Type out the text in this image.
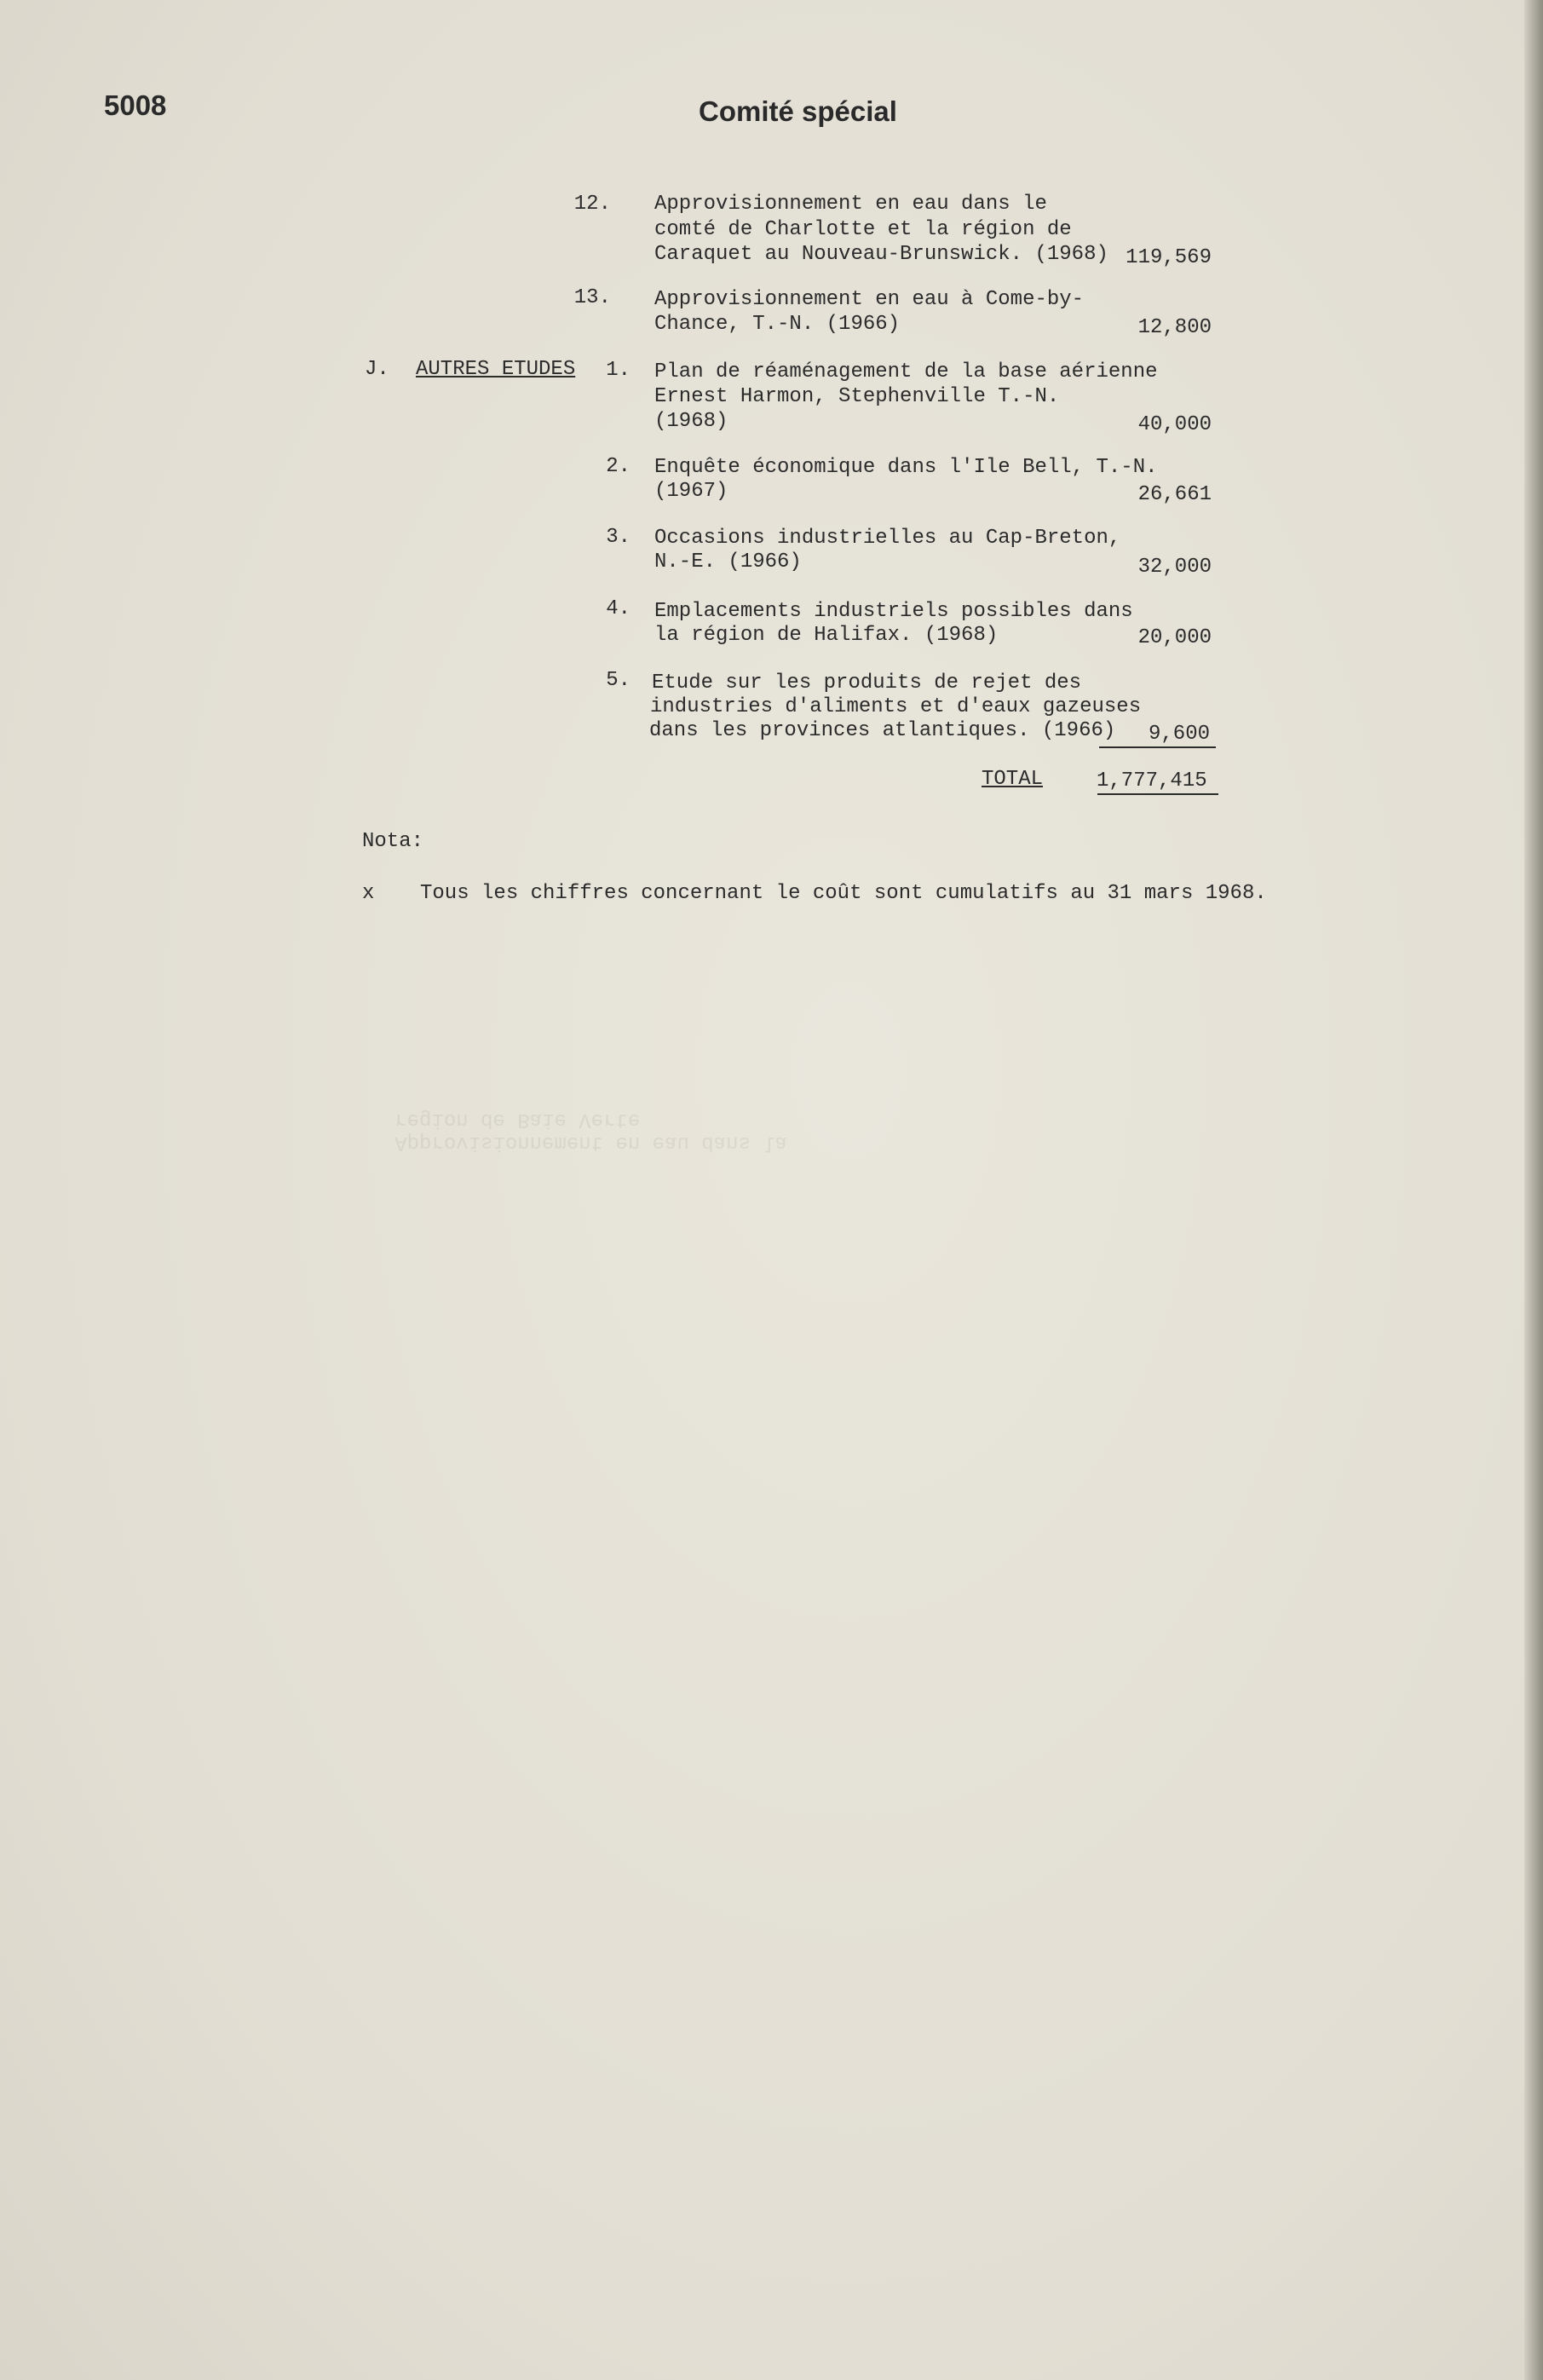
Approvisionnement en eau dans la
region de Baie Verte
5008	Comité spécial
12. Approvisionnement en eau dans le
comté de Charlotte et la région de
Caraquet au Nouveau-Brunswick. (1968) 119,569
13. Approvisionnement en eau à Come-by-
Chance, T.-N. (1966)	12,800
J. AUTRES ETUDES	1. Plan de réaménagement de la base aérienne
Ernest Harmon, Stephenville T.-N.
(1968)	40,000
2. Enquête économique dans l'Ile Bell, T.-N.
(1967)	26,661
3. Occasions industrielles au Cap-Breton,
N.-E. (1966)	32,000
4. Emplacements industriels possibles dans
la région de Halifax. (1968)	20,000
5. Etude sur les produits de rejet des
industries d'aliments et d'eaux gazeuses
dans les provinces atlantiques. (1966)	9,600
TOTAL	1,777,415
Nota:
x Tous les chiffres concernant le coût sont cumulatifs au 31 mars 1968.
